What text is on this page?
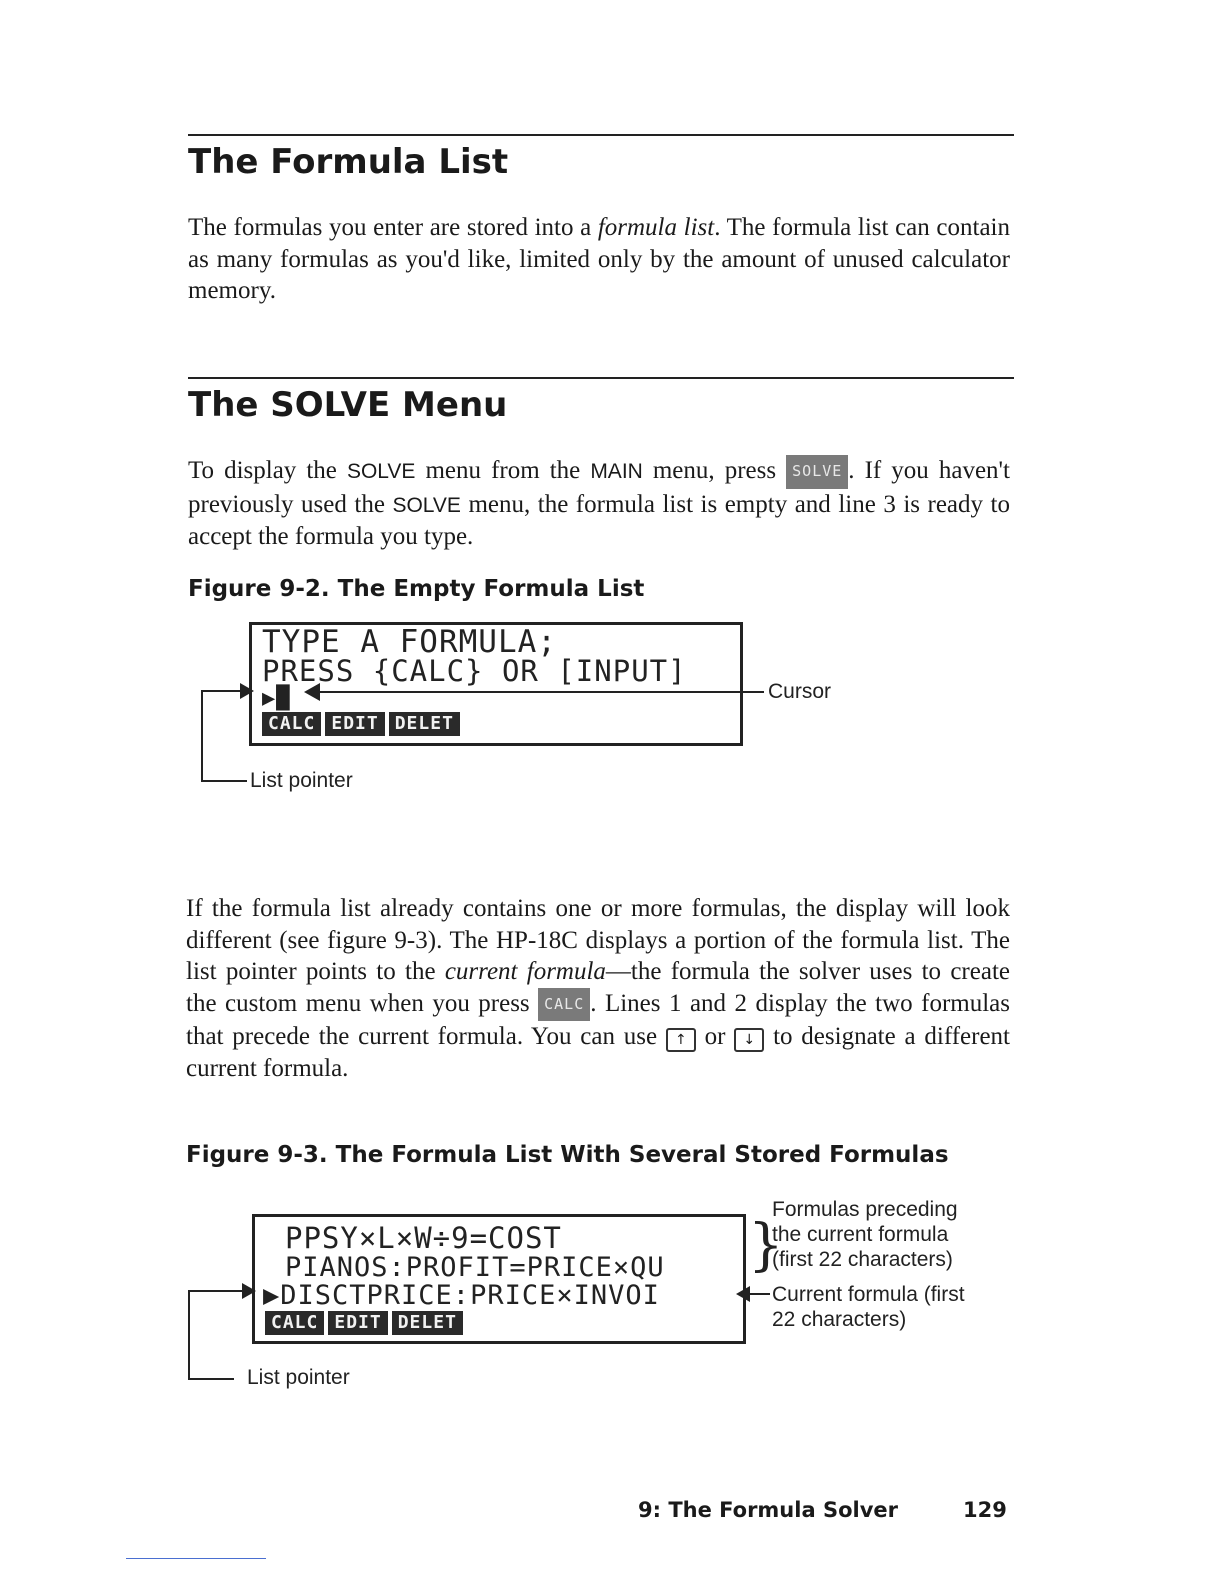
The Formula List

The formulas you enter are stored into a formula list. The formula list can contain as many formulas as you'd like, limited only by the amount of unused calculator memory.

The SOLVE Menu

To display the SOLVE menu from the MAIN menu, press SOLVE . If you haven't previously used the SOLVE menu, the formula list is empty and line 3 is ready to accept the formula you type.

Figure 9-2. The Empty Formula List
TYPE A FORMULA;
PRESS {CALC} OR [INPUT]
▶█
CALC EDIT DELET
Cursor
List pointer

If the formula list already contains one or more formulas, the display will look different (see figure 9-3). The HP-18C displays a portion of the formula list. The list pointer points to the current formula—the formula the solver uses to create the custom menu when you press CALC . Lines 1 and 2 display the two formulas that precede the current formula. You can use ↑ or ↓ to designate a different current formula.

Figure 9-3. The Formula List With Several Stored Formulas
PPSY×L×W÷9=COST
PIANOS:PROFIT=PRICE×QU
▶DISCTPRICE:PRICE×INVOI
CALC EDIT DELET
}
Formulas preceding
the current formula
(first 22 characters)
Current formula (first
22 characters)
List pointer
9: The Formula Solver	129
